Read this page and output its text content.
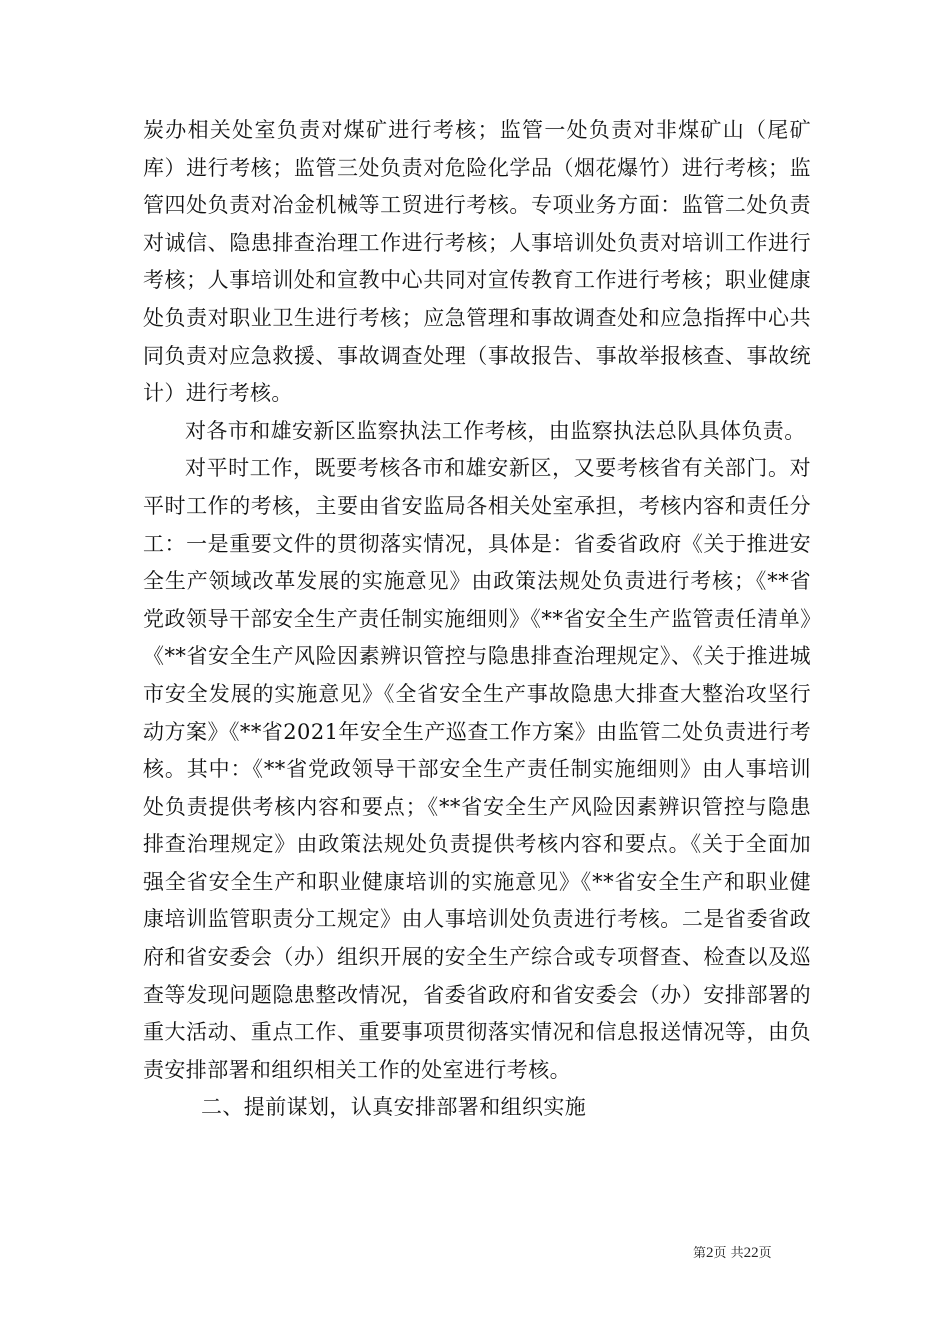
炭办相关处室负责对煤矿进行考核；监管一处负责对非煤矿山（尾矿库）进行考核；监管三处负责对危险化学品（烟花爆竹）进行考核；监管四处负责对冶金机械等工贸进行考核。专项业务方面：监管二处负责对诚信、隐患排查治理工作进行考核；人事培训处负责对培训工作进行考核；人事培训处和宣教中心共同对宣传教育工作进行考核；职业健康处负责对职业卫生进行考核；应急管理和事故调查处和应急指挥中心共同负责对应急救援、事故调查处理（事故报告、事故举报核查、事故统计）进行考核。

对各市和雄安新区监察执法工作考核，由监察执法总队具体负责。

对平时工作，既要考核各市和雄安新区，又要考核省有关部门。对平时工作的考核，主要由省安监局各相关处室承担，考核内容和责任分工：一是重要文件的贯彻落实情况，具体是：省委省政府《关于推进安全生产领域改革发展的实施意见》由政策法规处负责进行考核；《**省党政领导干部安全生产责任制实施细则》《**省安全生产监管责任清单》《**省安全生产风险因素辨识管控与隐患排查治理规定》、《关于推进城市安全发展的实施意见》《全省安全生产事故隐患大排查大整治攻坚行动方案》《**省2021年安全生产巡查工作方案》由监管二处负责进行考核。其中：《**省党政领导干部安全生产责任制实施细则》由人事培训处负责提供考核内容和要点；《**省安全生产风险因素辨识管控与隐患排查治理规定》由政策法规处负责提供考核内容和要点。《关于全面加强全省安全生产和职业健康培训的实施意见》《**省安全生产和职业健康培训监管职责分工规定》由人事培训处负责进行考核。二是省委省政府和省安委会（办）组织开展的安全生产综合或专项督查、检查以及巡查等发现问题隐患整改情况，省委省政府和省安委会（办）安排部署的重大活动、重点工作、重要事项贯彻落实情况和信息报送情况等，由负责安排部署和组织相关工作的处室进行考核。

二、提前谋划，认真安排部署和组织实施

第2页 共22页
